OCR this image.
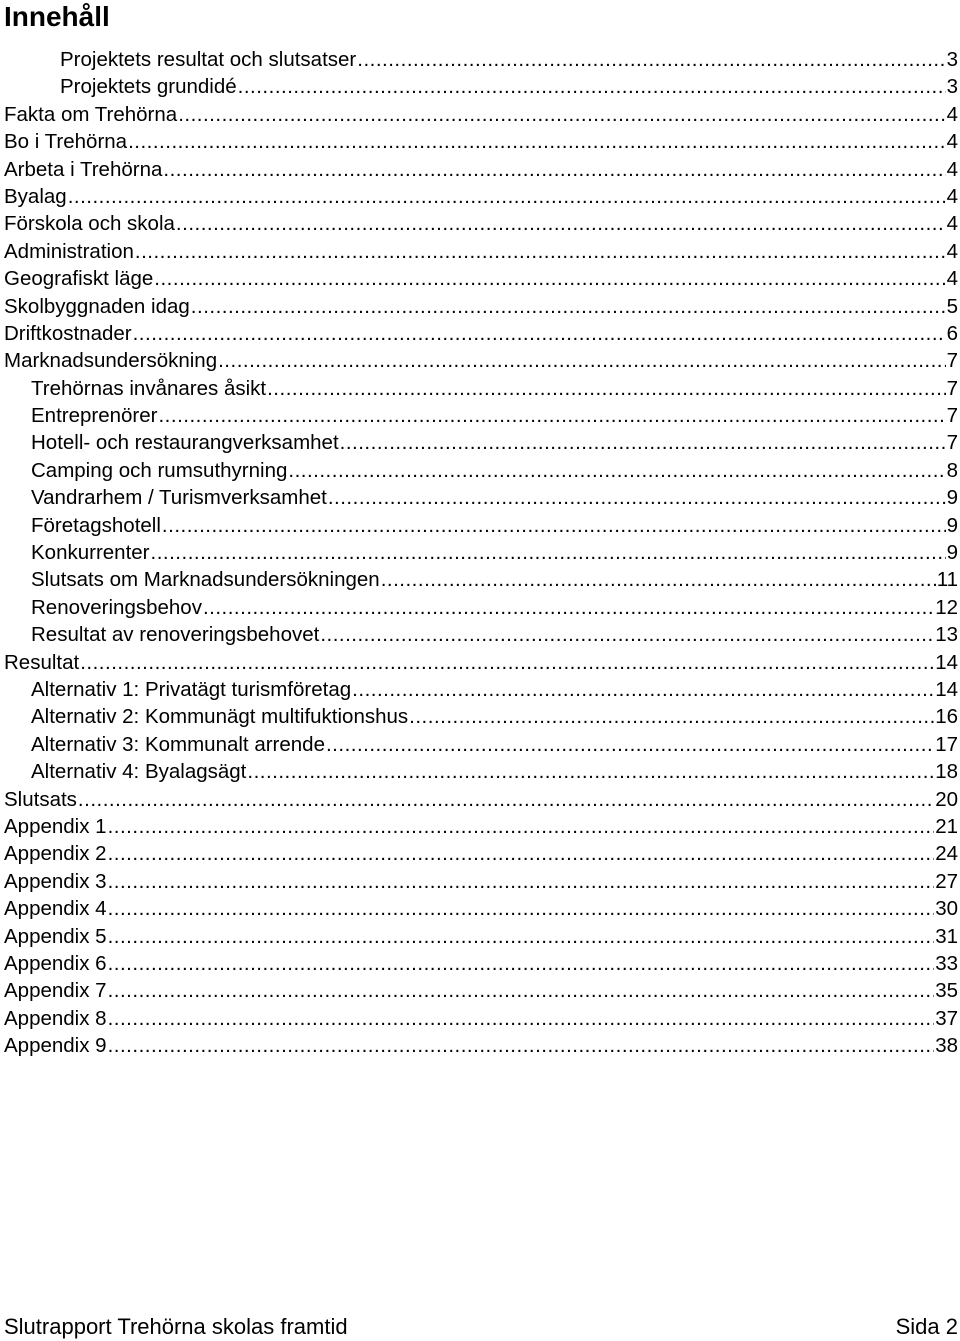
Innehåll
Projektets resultat och slutsatser .....	3
Projektets grundidé .....	3
Fakta om Trehörna .....	4
Bo i Trehörna .....	4
Arbeta i Trehörna .....	4
Byalag .....	4
Förskola och skola .....	4
Administration .....	4
Geografiskt läge .....	4
Skolbyggnaden idag .....	5
Driftkostnader .....	6
Marknadsundersökning .....	7
Trehörnas invånares åsikt .....	7
Entreprenörer .....	7
Hotell- och restaurangverksamhet .....	7
Camping och rumsuthyrning .....	8
Vandrarhem / Turismverksamhet .....	9
Företagshotell .....	9
Konkurrenter .....	9
Slutsats om Marknadsundersökningen .....	11
Renoveringsbehov .....	12
Resultat av renoveringsbehovet .....	13
Resultat .....	14
Alternativ 1: Privatägt turismföretag .....	14
Alternativ 2: Kommunägt multifuktionshus .....	16
Alternativ 3: Kommunalt arrende .....	17
Alternativ 4: Byalagsägt .....	18
Slutsats .....	20
Appendix 1 .....	21
Appendix 2 .....	24
Appendix 3 .....	27
Appendix 4 .....	30
Appendix 5 .....	31
Appendix 6 .....	33
Appendix 7 .....	35
Appendix 8 .....	37
Appendix 9 .....	38
Slutrapport Trehörna skolas framtid	Sida 2
